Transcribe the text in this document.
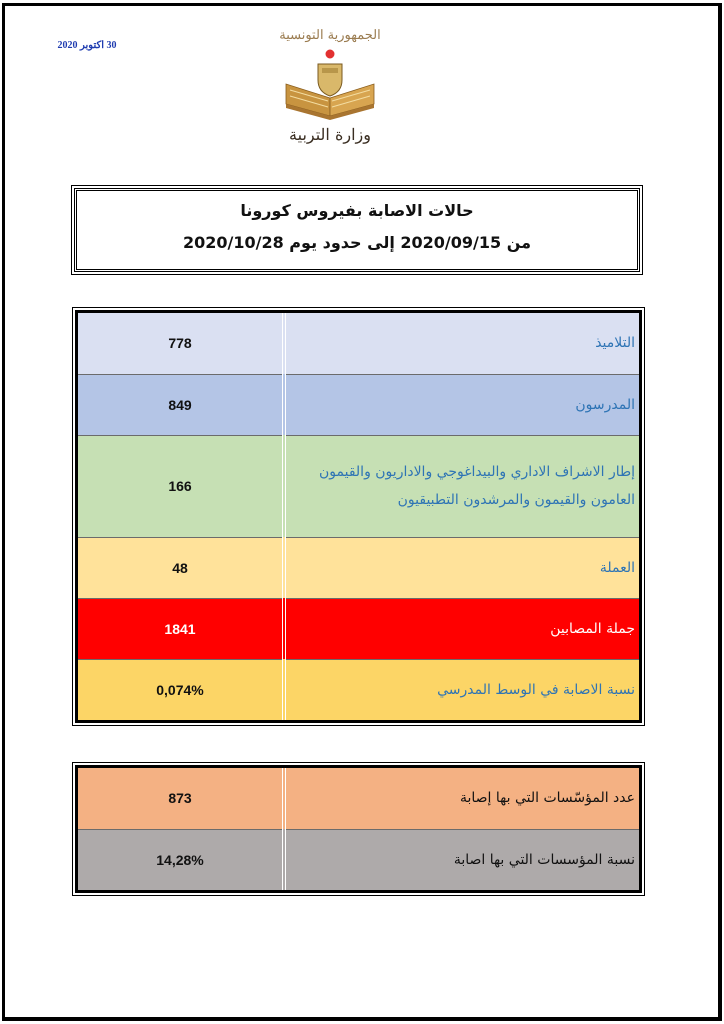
30 اكتوبر 2020
الجمهورية التونسية
وزارة التربية
حالات الاصابة بفيروس كورونا
من 2020/09/15 إلى حدود يوم 2020/10/28
التلاميذ	778
المدرسون	849
إطار الاشراف الاداري والبيداغوجي والاداريون والقيمون العامون والقيمون والمرشدون التطبيقيون	166
العملة	48
جملة المصابين	1841
نسبة الاصابة في الوسط المدرسي	0,074%
عدد المؤسّسات التي بها إصابة	873
نسبة المؤسسات التي بها اصابة	14,28%
